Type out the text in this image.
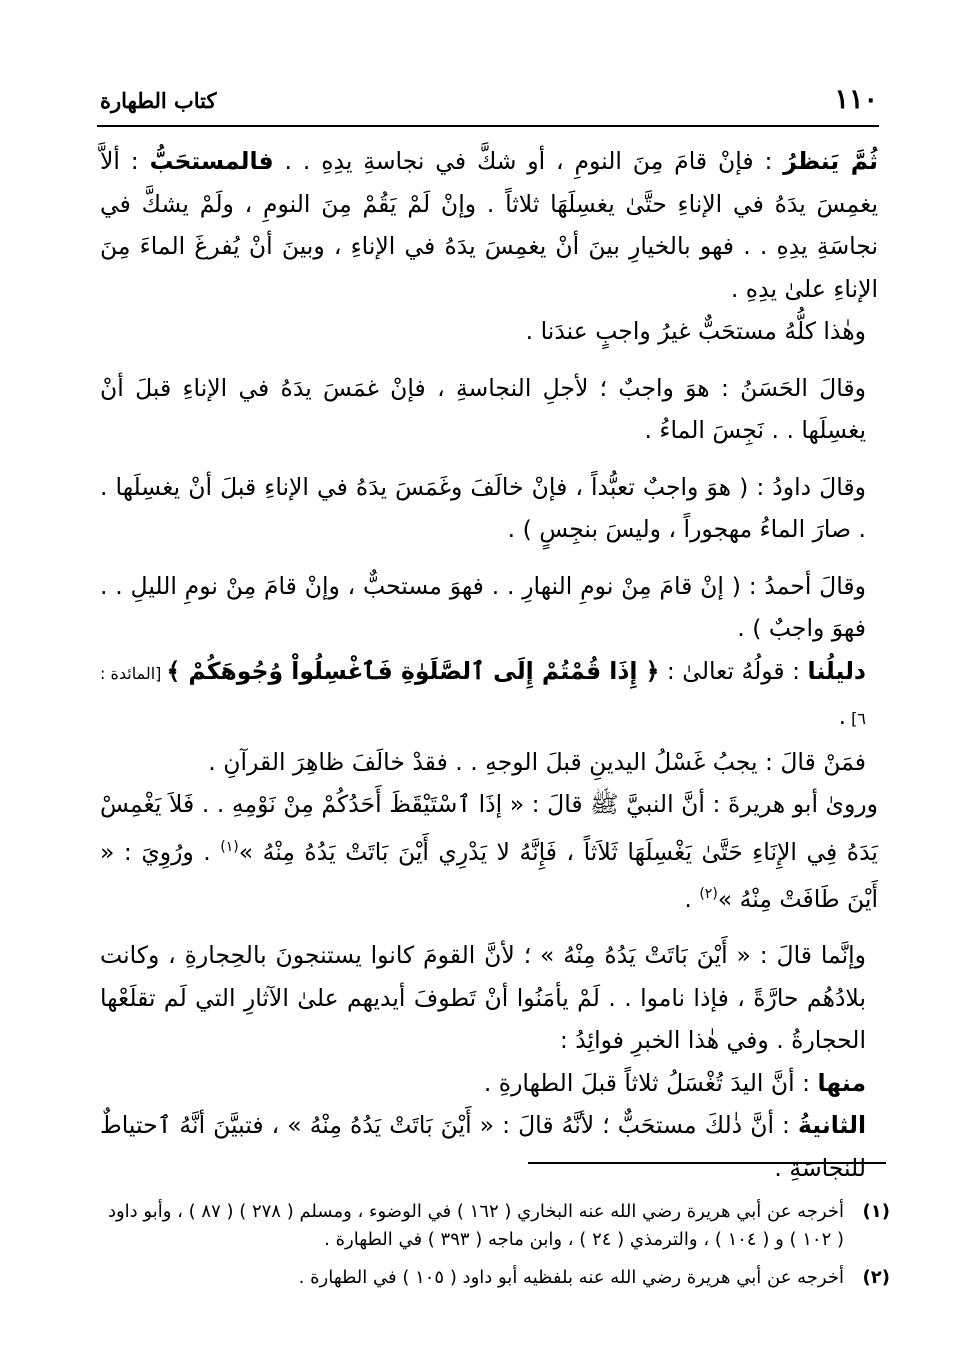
١١٠
كتاب الطهارة

ثُمَّ يَنظرُ : فإنْ قامَ مِنَ النومِ ، أو شكَّ في نجاسةِ يدِهِ . . فالمستحَبُّ : ألاَّ يغمِسَ يدَهُ في الإناءِ حتَّىٰ يغسِلَهَا ثلاثاً . وإنْ لَمْ يَقُمْ مِنَ النومِ ، ولَمْ يشكَّ في نجاسَةِ يدِهِ . . فهو بالخيارِ بينَ أنْ يغمِسَ يدَهُ في الإناءِ ، وبينَ أنْ يُفرغَ الماءَ مِنَ الإناءِ علىٰ يدِهِ .

وهٰذا كلُّهُ مستحَبٌّ غيرُ واجبٍ عندَنا .

وقالَ الحَسَنُ : هوَ واجبٌ ؛ لأجلِ النجاسةِ ، فإنْ غمَسَ يدَهُ في الإناءِ قبلَ أنْ يغسِلَها . . نَجِسَ الماءُ .

وقالَ داودُ : ( هوَ واجبٌ تعبُّداً ، فإنْ خالَفَ وغَمَسَ يدَهُ في الإناءِ قبلَ أنْ يغسِلَها . . صارَ الماءُ مهجوراً ، وليسَ بنجِسٍ ) .

وقالَ أحمدُ : ( إنْ قامَ مِنْ نومِ النهارِ . . فهوَ مستحبٌّ ، وإنْ قامَ مِنْ نومِ الليلِ . . فهوَ واجبٌ ) .

دليلُنا : قولُهُ تعالىٰ : ﴿ إِذَا قُمْتُمْ إِلَى ٱلصَّلَوٰةِ فَٱغْسِلُواْ وُجُوهَكُمْ ﴾ [المائدة : ٦] .

فمَنْ قالَ : يجبُ غَسْلُ اليدينِ قبلَ الوجهِ . . فقدْ خالَفَ ظاهِرَ القرآنِ .

وروىٰ أبو هريرةَ : أنَّ النبيَّ ﷺ قالَ : « إذَا ٱسْتَيْقَظَ أَحَدُكُمْ مِنْ نَوْمِهِ . . فَلاَ يَغْمِسْ يَدَهُ فِي الإِنَاءِ حَتَّىٰ يَغْسِلَهَا ثَلاَثاً ، فَإِنَّهُ لا يَدْرِي أَيْنَ بَاتَتْ يَدُهُ مِنْهُ »$^{(١)}$ . ورُوِيَ : « أَيْنَ طَافَتْ مِنْهُ »$^{(٢)}$ .

وإنَّما قالَ : « أَيْنَ بَاتَتْ يَدُهُ مِنْهُ » ؛ لأنَّ القومَ كانوا يستنجونَ بالحِجارةِ ، وكانت بلادُهُم حارَّةً ، فإذا ناموا . . لَمْ يأمَنُوا أنْ تَطوفَ أيديهم علىٰ الآثارِ التي لَم تقلَعْها الحجارةُ . وفي هٰذا الخبرِ فوائِدُ :

منها : أنَّ اليدَ تُغْسَلُ ثلاثاً قبلَ الطهارةِ .

الثانيةُ : أنَّ ذٰلكَ مستحَبٌّ ؛ لأنَّهُ قالَ : « أَيْنَ بَاتَتْ يَدُهُ مِنْهُ » ، فتبيَّنَ أنَّهُ ٱحتياطٌ للنجاسَةِ .

(١)
أخرجه عن أبي هريرة رضي الله عنه البخاري ( ١٦٢ ) في الوضوء ، ومسلم ( ٢٧٨ ) ( ٨٧ ) ، وأبو داود ( ١٠٢ ) و ( ١٠٤ ) ، والترمذي ( ٢٤ ) ، وابن ماجه ( ٣٩٣ ) في الطهارة .
(٢)
أخرجه عن أبي هريرة رضي الله عنه بلفظيه أبو داود ( ١٠٥ ) في الطهارة .
